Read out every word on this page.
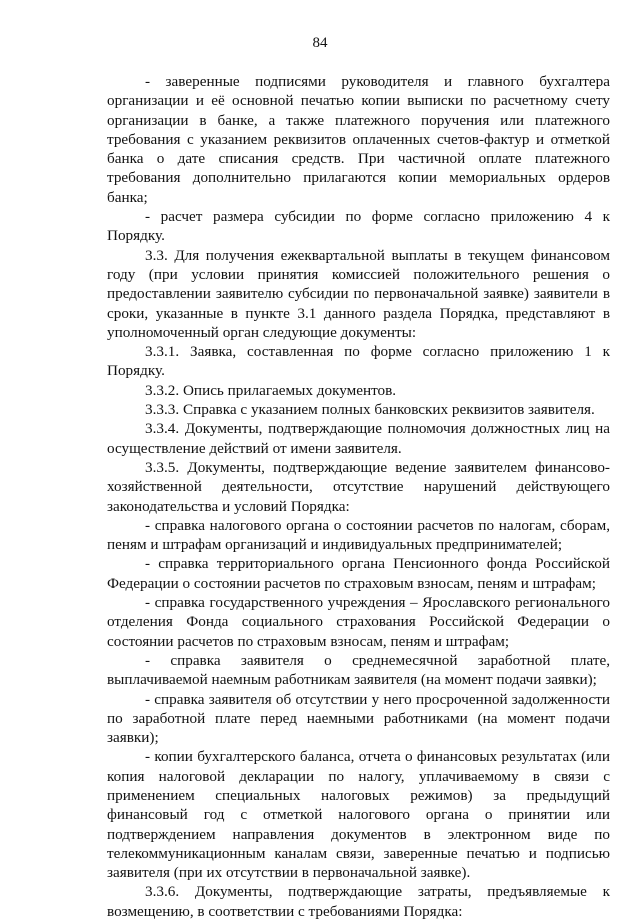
84

- заверенные подписями руководителя и главного бухгалтера организации и её основной печатью копии выписки по расчетному счету организации в банке, а также платежного поручения или платежного требования с указанием реквизитов оплаченных счетов-фактур и отметкой банка о дате списания средств. При частичной оплате платежного требования дополнительно прилагаются копии мемориальных ордеров банка;

- расчет размера субсидии по форме согласно приложению 4 к Порядку.

3.3. Для получения ежеквартальной выплаты в текущем финансовом году (при условии принятия комиссией положительного решения о предоставлении заявителю субсидии по первоначальной заявке) заявители в сроки, указанные в пункте 3.1 данного раздела Порядка, представляют в уполномоченный орган следующие документы:

3.3.1. Заявка, составленная по форме согласно приложению 1 к Порядку.

3.3.2. Опись прилагаемых документов.

3.3.3. Справка с указанием полных банковских реквизитов заявителя.

3.3.4. Документы, подтверждающие полномочия должностных лиц на осуществление действий от имени заявителя.

3.3.5. Документы, подтверждающие ведение заявителем финансово-хозяйственной деятельности, отсутствие нарушений действующего законодательства и условий Порядка:

- справка налогового органа о состоянии расчетов по налогам, сборам, пеням и штрафам организаций и индивидуальных предпринимателей;

- справка территориального органа Пенсионного фонда Российской Федерации о состоянии расчетов по страховым взносам, пеням и штрафам;

- справка государственного учреждения – Ярославского регионального отделения Фонда социального страхования Российской Федерации о состоянии расчетов по страховым взносам, пеням и штрафам;

- справка заявителя о среднемесячной заработной плате, выплачиваемой наемным работникам заявителя (на момент подачи заявки);

- справка заявителя об отсутствии у него просроченной задолженности по заработной плате перед наемными работниками (на момент подачи заявки);

- копии бухгалтерского баланса, отчета о финансовых результатах (или копия налоговой декларации по налогу, уплачиваемому в связи с применением специальных налоговых режимов) за предыдущий финансовый год с отметкой налогового органа о принятии или подтверждением направления документов в электронном виде по телекоммуникационным каналам связи, заверенные печатью и подписью заявителя (при их отсутствии в первоначальной заявке).

3.3.6. Документы, подтверждающие затраты, предъявляемые к возмещению, в соответствии с требованиями Порядка:
